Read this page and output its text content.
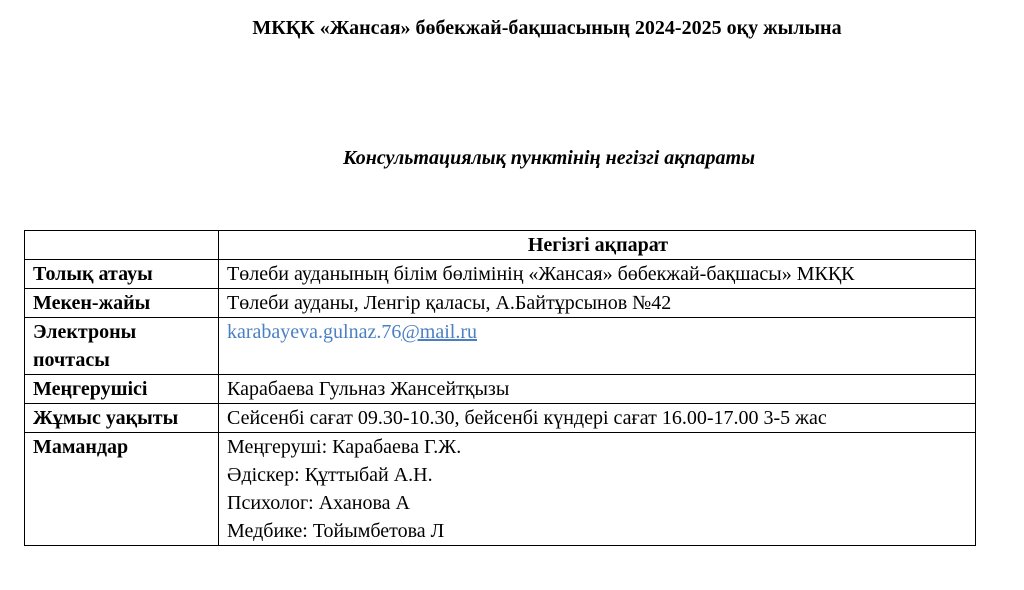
МКҚК «Жансая» бөбекжай-бақшасының 2024-2025 оқу жылына
Консультациялық пунктінің негізгі ақпараты
	Негізгі ақпарат
Толық атауы	Төлеби ауданының білім бөлімінің «Жансая» бөбекжай-бақшасы» МКҚК
Мекен-жайы	Төлеби ауданы, Ленгір қаласы, А.Байтұрсынов №42
Электроны почтасы	karabayeva.gulnaz.76@mail.ru
Меңгерушісі	Карабаева Гульназ Жансейтқызы
Жұмыс уақыты	Сейсенбі сағат 09.30-10.30, бейсенбі күндері сағат 16.00-17.00 3-5 жас
Мамандар	Меңгеруші: Карабаева Г.Ж.
Әдіскер: Құттыбай А.Н.
Психолог: Аханова А
Медбике: Тойымбетова Л
